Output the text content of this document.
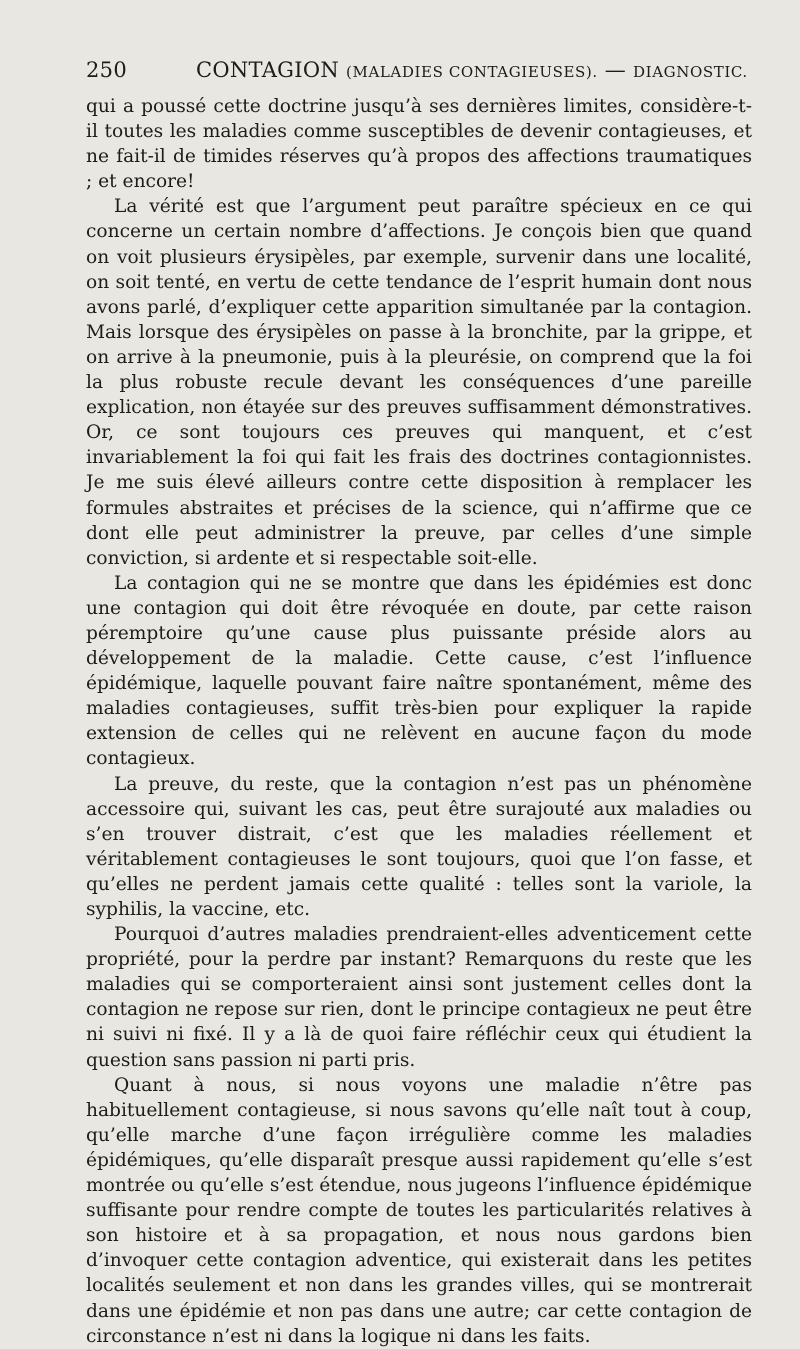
250	CONTAGION (MALADIES CONTAGIEUSES). — DIAGNOSTIC.

qui a poussé cette doctrine jusqu’à ses dernières limites, considère-t-il toutes les maladies comme susceptibles de devenir contagieuses, et ne fait-il de timides réserves qu’à propos des affections traumatiques ; et encore!

La vérité est que l’argument peut paraître spécieux en ce qui concerne un certain nombre d’affections. Je conçois bien que quand on voit plusieurs érysipèles, par exemple, survenir dans une localité, on soit tenté, en vertu de cette tendance de l’esprit humain dont nous avons parlé, d’expliquer cette apparition simultanée par la contagion. Mais lorsque des érysipèles on passe à la bronchite, par la grippe, et on arrive à la pneumonie, puis à la pleurésie, on comprend que la foi la plus robuste recule devant les conséquences d’une pareille explication, non étayée sur des preuves suffisamment démonstratives. Or, ce sont toujours ces preuves qui manquent, et c’est invariablement la foi qui fait les frais des doctrines contagionnistes. Je me suis élevé ailleurs contre cette disposition à remplacer les formules abstraites et précises de la science, qui n’affirme que ce dont elle peut administrer la preuve, par celles d’une simple conviction, si ardente et si respectable soit-elle.

La contagion qui ne se montre que dans les épidémies est donc une contagion qui doit être révoquée en doute, par cette raison péremptoire qu’une cause plus puissante préside alors au développement de la maladie. Cette cause, c’est l’influence épidémique, laquelle pouvant faire naître spontanément, même des maladies contagieuses, suffit très-bien pour expliquer la rapide extension de celles qui ne relèvent en aucune façon du mode contagieux.

La preuve, du reste, que la contagion n’est pas un phénomène accessoire qui, suivant les cas, peut être surajouté aux maladies ou s’en trouver distrait, c’est que les maladies réellement et véritablement contagieuses le sont toujours, quoi que l’on fasse, et qu’elles ne perdent jamais cette qualité : telles sont la variole, la syphilis, la vaccine, etc.

Pourquoi d’autres maladies prendraient-elles adventicement cette propriété, pour la perdre par instant? Remarquons du reste que les maladies qui se comporteraient ainsi sont justement celles dont la contagion ne repose sur rien, dont le principe contagieux ne peut être ni suivi ni fixé. Il y a là de quoi faire réfléchir ceux qui étudient la question sans passion ni parti pris.

Quant à nous, si nous voyons une maladie n’être pas habituellement contagieuse, si nous savons qu’elle naît tout à coup, qu’elle marche d’une façon irrégulière comme les maladies épidémiques, qu’elle disparaît presque aussi rapidement qu’elle s’est montrée ou qu’elle s’est étendue, nous jugeons l’influence épidémique suffisante pour rendre compte de toutes les particularités relatives à son histoire et à sa propagation, et nous nous gardons bien d’invoquer cette contagion adventice, qui existerait dans les petites localités seulement et non dans les grandes villes, qui se montrerait dans une épidémie et non pas dans une autre; car cette contagion de circonstance n’est ni dans la logique ni dans les faits.
